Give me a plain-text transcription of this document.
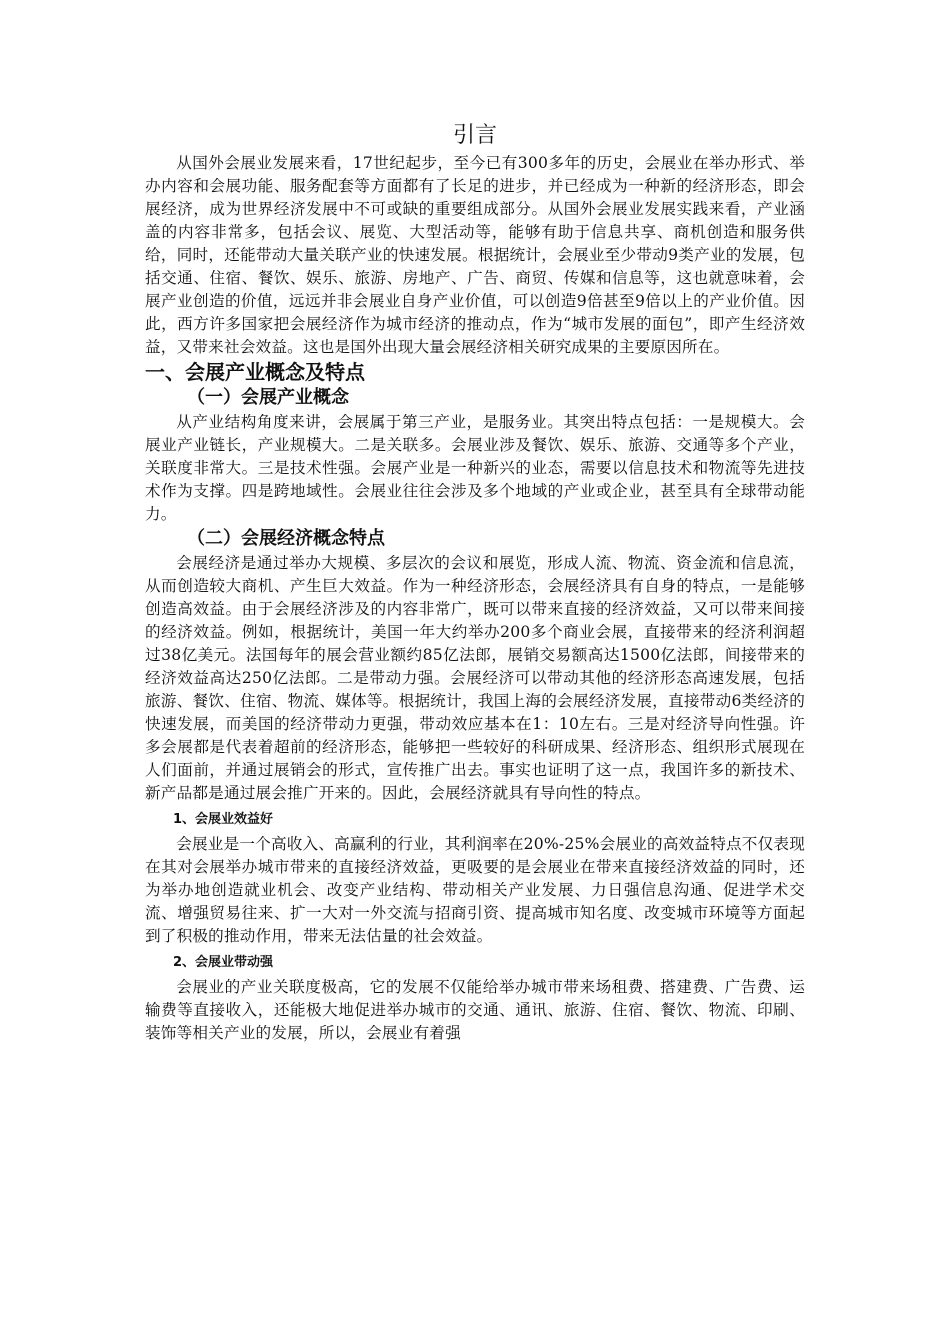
引言

从国外会展业发展来看，17世纪起步，至今已有300多年的历史，会展业在举办形式、举办内容和会展功能、服务配套等方面都有了长足的进步，并已经成为一种新的经济形态，即会展经济，成为世界经济发展中不可或缺的重要组成部分。从国外会展业发展实践来看，产业涵盖的内容非常多，包括会议、展览、大型活动等，能够有助于信息共享、商机创造和服务供给，同时，还能带动大量关联产业的快速发展。根据统计，会展业至少带动9类产业的发展，包括交通、住宿、餐饮、娱乐、旅游、房地产、广告、商贸、传媒和信息等，这也就意味着，会展产业创造的价值，远远并非会展业自身产业价值，可以创造9倍甚至9倍以上的产业价值。因此，西方许多国家把会展经济作为城市经济的推动点，作为“城市发展的面包”，即产生经济效益，又带来社会效益。这也是国外出现大量会展经济相关研究成果的主要原因所在。

一、会展产业概念及特点
（一）会展产业概念

从产业结构角度来讲，会展属于第三产业，是服务业。其突出特点包括：一是规模大。会展业产业链长，产业规模大。二是关联多。会展业涉及餐饮、娱乐、旅游、交通等多个产业，关联度非常大。三是技术性强。会展产业是一种新兴的业态，需要以信息技术和物流等先进技术作为支撑。四是跨地域性。会展业往往会涉及多个地域的产业或企业，甚至具有全球带动能力。

（二）会展经济概念特点

会展经济是通过举办大规模、多层次的会议和展览，形成人流、物流、资金流和信息流，从而创造较大商机、产生巨大效益。作为一种经济形态，会展经济具有自身的特点，一是能够创造高效益。由于会展经济涉及的内容非常广，既可以带来直接的经济效益，又可以带来间接的经济效益。例如，根据统计，美国一年大约举办200多个商业会展，直接带来的经济利润超过38亿美元。法国每年的展会营业额约85亿法郎，展销交易额高达1500亿法郎，间接带来的经济效益高达250亿法郎。二是带动力强。会展经济可以带动其他的经济形态高速发展，包括旅游、餐饮、住宿、物流、媒体等。根据统计，我国上海的会展经济发展，直接带动6类经济的快速发展，而美国的经济带动力更强，带动效应基本在1：10左右。三是对经济导向性强。许多会展都是代表着超前的经济形态，能够把一些较好的科研成果、经济形态、组织形式展现在人们面前，并通过展销会的形式，宣传推广出去。事实也证明了这一点，我国许多的新技术、新产品都是通过展会推广开来的。因此，会展经济就具有导向性的特点。

1、会展业效益好

会展业是一个高收入、高赢利的行业，其利润率在20%-25%会展业的高效益特点不仅表现在其对会展举办城市带来的直接经济效益，更吸要的是会展业在带来直接经济效益的同时，还为举办地创造就业机会、改变产业结构、带动相关产业发展、力日强信息沟通、促进学术交流、增强贸易往来、扩一大对一外交流与招商引资、提高城市知名度、改变城市环境等方面起到了积极的推动作用，带来无法估量的社会效益。

2、会展业带动强

会展业的产业关联度极高，它的发展不仅能给举办城市带来场租费、搭建费、广告费、运输费等直接收入，还能极大地促进举办城市的交通、通讯、旅游、住宿、餐饮、物流、印刷、装饰等相关产业的发展，所以，会展业有着强
